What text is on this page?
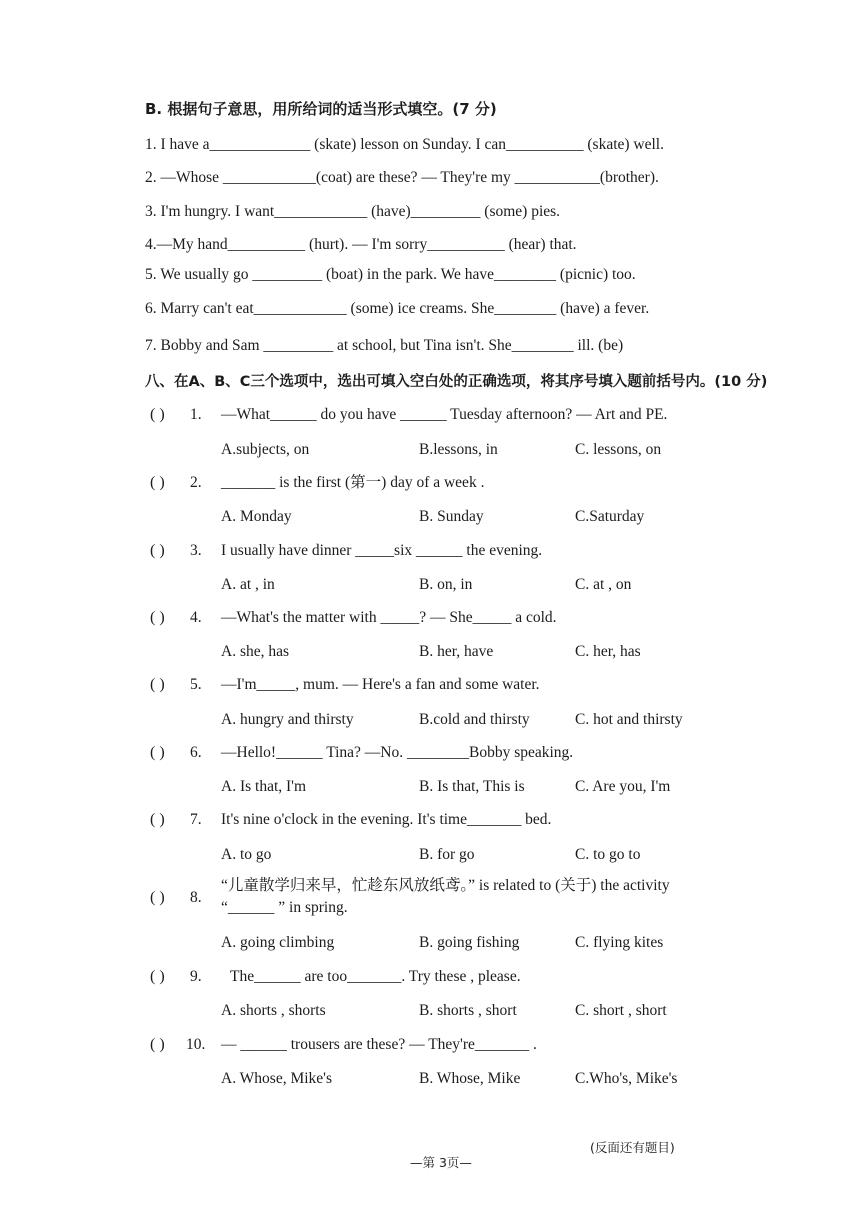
B. 根据句子意思，用所给词的适当形式填空。(7 分)
1. I have a_____________ (skate) lesson on Sunday. I can__________ (skate) well.
2. —Whose ____________(coat) are these? — They're my ___________(brother).
3. I'm hungry. I want____________ (have)_________ (some) pies.
4.—My hand__________ (hurt). — I'm sorry__________ (hear) that.
5. We usually go _________ (boat) in the park. We have________ (picnic) too.
6. Marry can't eat____________ (some) ice creams. She________ (have) a fever.
7. Bobby and Sam _________ at school, but Tina isn't. She________ ill. (be)
八、在A、B、C三个选项中，选出可填入空白处的正确选项，将其序号填入题前括号内。(10 分)
( ) 1. —What______ do you have ______ Tuesday afternoon? — Art and PE.
A.subjects, on	B.lessons, in	C. lessons, on
( ) 2. _______ is the first (第一) day of a week .
A. Monday	B. Sunday	C.Saturday
( ) 3. I usually have dinner _____six ______ the evening.
A. at , in	B. on, in	C. at , on
( ) 4. —What's the matter with _____? — She_____ a cold.
A. she, has	B. her, have	C. her, has
( ) 5. —I'm_____, mum. — Here's a fan and some water.
A. hungry and thirsty	B.cold and thirsty	C. hot and thirsty
( ) 6. —Hello!______ Tina? —No. ________Bobby speaking.
A. Is that, I'm	B. Is that, This is	C. Are you, I'm
( ) 7. It's nine o'clock in the evening. It's time_______ bed.
A. to go	B. for go	C. to go to
( ) 8.
“儿童散学归来早，忙趁东风放纸鸢。” is related to (关于) the activity
“______ ” in spring.
A. going climbing	B. going fishing	C. flying kites
( ) 9. The______ are too_______. Try these , please.
A. shorts , shorts	B. shorts , short	C. short , short
( ) 10. — ______ trousers are these? — They're_______ .
A. Whose, Mike's	B. Whose, Mike	C.Who's, Mike's
(反面还有题目)
—第 3页—
